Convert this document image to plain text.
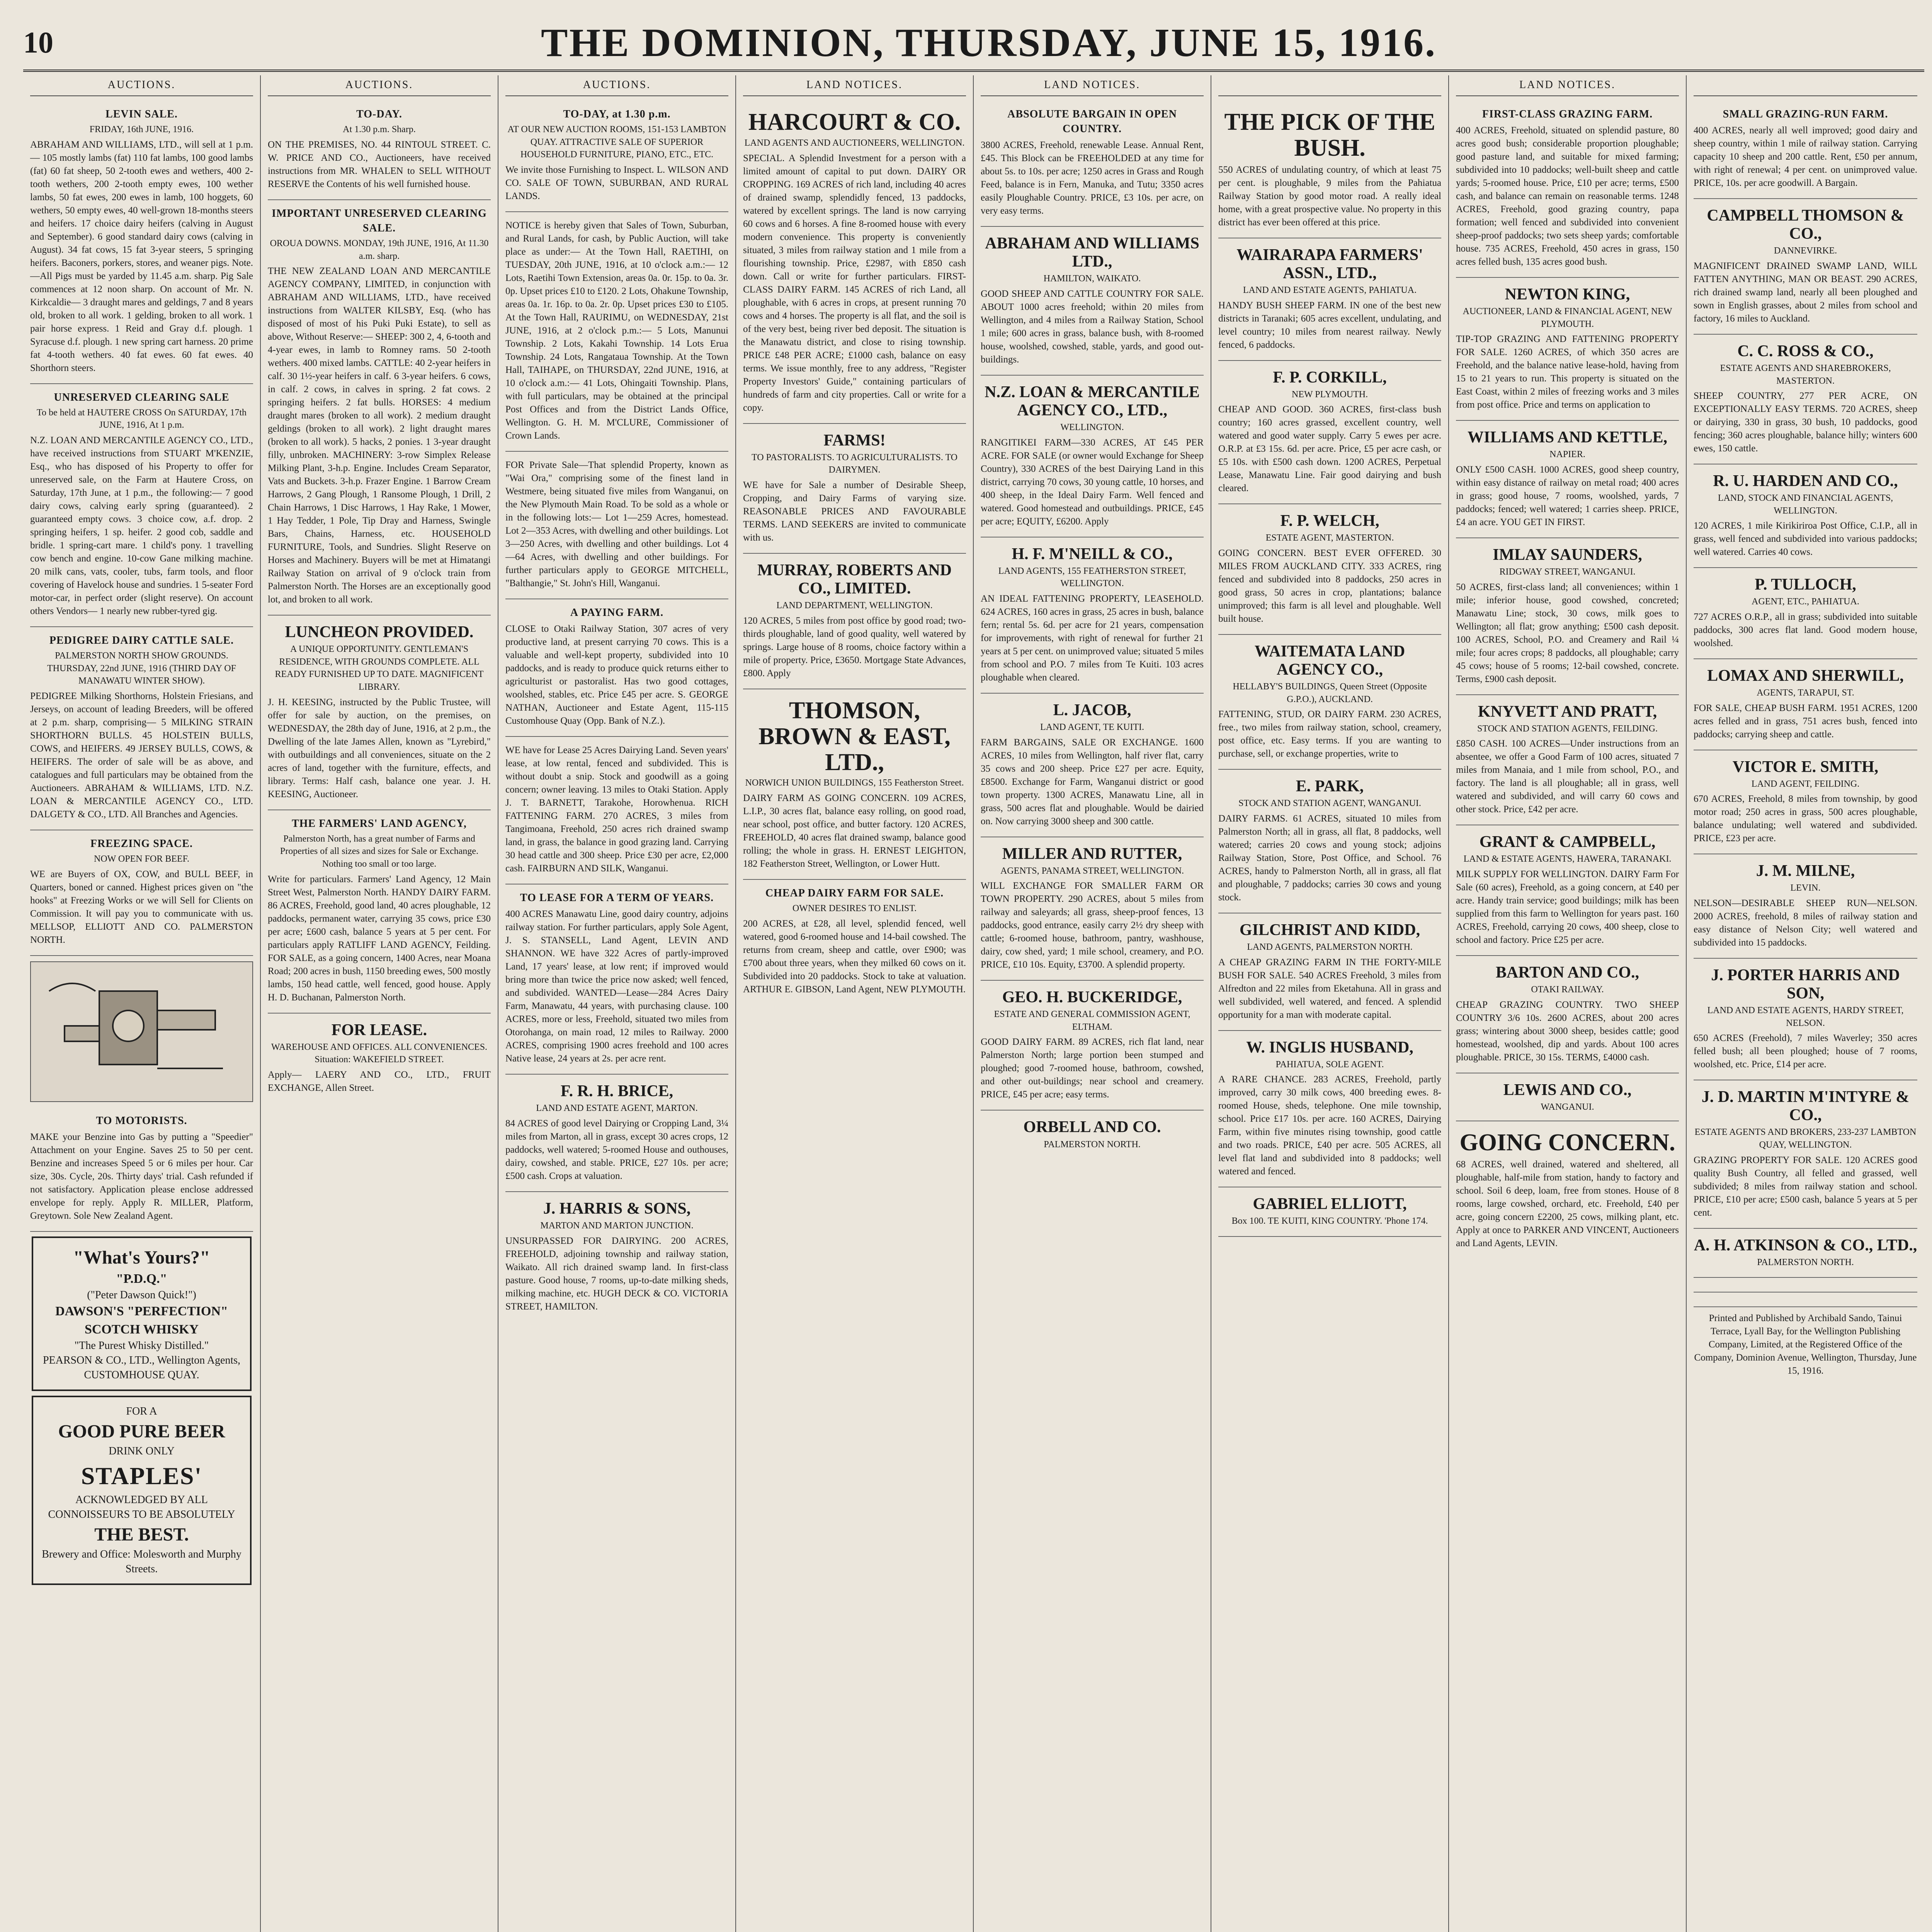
10	THE DOMINION, THURSDAY, JUNE 15, 1916.
AUCTIONS.
LEVIN SALE.
FRIDAY, 16th JUNE, 1916.
ABRAHAM AND WILLIAMS, LTD., will sell at 1 p.m.— 105 mostly lambs (fat) 110 fat lambs, 100 good lambs (fat) 60 fat sheep, 50 2-tooth ewes and wethers, 400 2-tooth wethers, 200 2-tooth empty ewes, 100 wether lambs, 50 fat ewes, 200 ewes in lamb, 100 hoggets, 60 wethers, 50 empty ewes, 40 well-grown 18-months steers and heifers. 17 choice dairy heifers (calving in August and September). 6 good standard dairy cows (calving in August). 34 fat cows, 15 fat 3-year steers, 5 springing heifers. Baconers, porkers, stores, and weaner pigs. Note.—All Pigs must be yarded by 11.45 a.m. sharp. Pig Sale commences at 12 noon sharp. On account of Mr. N. Kirkcaldie— 3 draught mares and geldings, 7 and 8 years old, broken to all work. 1 gelding, broken to all work. 1 pair horse express. 1 Reid and Gray d.f. plough. 1 Syracuse d.f. plough. 1 new spring cart harness. 20 prime fat 4-tooth wethers. 40 fat ewes. 60 fat ewes. 40 Shorthorn steers.
UNRESERVED CLEARING SALE
To be held at HAUTERE CROSS On SATURDAY, 17th JUNE, 1916, At 1 p.m.
N.Z. LOAN AND MERCANTILE AGENCY CO., LTD., have received instructions from STUART M'KENZIE, Esq., who has disposed of his Property to offer for unreserved sale, on the Farm at Hautere Cross, on Saturday, 17th June, at 1 p.m., the following:— 7 good dairy cows, calving early spring (guaranteed). 2 guaranteed empty cows. 3 choice cow, a.f. drop. 2 springing heifers, 1 sp. heifer. 2 good cob, saddle and bridle. 1 spring-cart mare. 1 child's pony. 1 travelling cow bench and engine. 10-cow Gane milking machine. 20 milk cans, vats, cooler, tubs, farm tools, and floor covering of Havelock house and sundries. 1 5-seater Ford motor-car, in perfect order (slight reserve). On account others Vendors— 1 nearly new rubber-tyred gig.
PEDIGREE DAIRY CATTLE SALE.
PALMERSTON NORTH SHOW GROUNDS. THURSDAY, 22nd JUNE, 1916 (THIRD DAY OF MANAWATU WINTER SHOW).
PEDIGREE Milking Shorthorns, Holstein Friesians, and Jerseys, on account of leading Breeders, will be offered at 2 p.m. sharp, comprising— 5 MILKING STRAIN SHORTHORN BULLS. 45 HOLSTEIN BULLS, COWS, and HEIFERS. 49 JERSEY BULLS, COWS, & HEIFERS. The order of sale will be as above, and catalogues and full particulars may be obtained from the Auctioneers. ABRAHAM & WILLIAMS, LTD. N.Z. LOAN & MERCANTILE AGENCY CO., LTD. DALGETY & CO., LTD. All Branches and Agencies.
FREEZING SPACE.
NOW OPEN FOR BEEF.
WE are Buyers of OX, COW, and BULL BEEF, in Quarters, boned or canned. Highest prices given on "the hooks" at Freezing Works or we will Sell for Clients on Commission. It will pay you to communicate with us. MELLSOP, ELLIOTT AND CO. PALMERSTON NORTH.
TO MOTORISTS.
MAKE your Benzine into Gas by putting a "Speedier" Attachment on your Engine. Saves 25 to 50 per cent. Benzine and increases Speed 5 or 6 miles per hour. Car size, 30s. Cycle, 20s. Thirty days' trial. Cash refunded if not satisfactory. Application please enclose addressed envelope for reply. Apply R. MILLER, Platform, Greytown. Sole New Zealand Agent.
"What's Yours?"
"P.D.Q."
("Peter Dawson Quick!")
DAWSON'S "PERFECTION" SCOTCH WHISKY
"The Purest Whisky Distilled."
PEARSON & CO., LTD., Wellington Agents, CUSTOMHOUSE QUAY.
FOR A
GOOD PURE BEER
DRINK ONLY
STAPLES'
ACKNOWLEDGED BY ALL CONNOISSEURS TO BE ABSOLUTELY
THE BEST.
Brewery and Office: Molesworth and Murphy Streets.
AUCTIONS.
TO-DAY.
At 1.30 p.m. Sharp.
ON THE PREMISES, NO. 44 RINTOUL STREET. C. W. PRICE AND CO., Auctioneers, have received instructions from MR. WHALEN to SELL WITHOUT RESERVE the Contents of his well furnished house.
IMPORTANT UNRESERVED CLEARING SALE.
OROUA DOWNS. MONDAY, 19th JUNE, 1916, At 11.30 a.m. sharp.
THE NEW ZEALAND LOAN AND MERCANTILE AGENCY COMPANY, LIMITED, in conjunction with ABRAHAM AND WILLIAMS, LTD., have received instructions from WALTER KILSBY, Esq. (who has disposed of most of his Puki Puki Estate), to sell as above, Without Reserve:— SHEEP: 300 2, 4, 6-tooth and 4-year ewes, in lamb to Romney rams. 50 2-tooth wethers. 400 mixed lambs. CATTLE: 40 2-year heifers in calf. 30 1½-year heifers in calf. 6 3-year heifers. 6 cows, in calf. 2 cows, in calves in spring. 2 fat cows. 2 springing heifers. 2 fat bulls. HORSES: 4 medium draught mares (broken to all work). 2 medium draught geldings (broken to all work). 2 light draught mares (broken to all work). 5 hacks, 2 ponies. 1 3-year draught filly, unbroken. MACHINERY: 3-row Simplex Release Milking Plant, 3-h.p. Engine. Includes Cream Separator, Vats and Buckets. 3-h.p. Frazer Engine. 1 Barrow Cream Harrows, 2 Gang Plough, 1 Ransome Plough, 1 Drill, 2 Chain Harrows, 1 Disc Harrows, 1 Hay Rake, 1 Mower, 1 Hay Tedder, 1 Pole, Tip Dray and Harness, Swingle Bars, Chains, Harness, etc. HOUSEHOLD FURNITURE, Tools, and Sundries. Slight Reserve on Horses and Machinery. Buyers will be met at Himatangi Railway Station on arrival of 9 o'clock train from Palmerston North. The Horses are an exceptionally good lot, and broken to all work.
LUNCHEON PROVIDED.
A UNIQUE OPPORTUNITY. GENTLEMAN'S RESIDENCE, WITH GROUNDS COMPLETE. ALL READY FURNISHED UP TO DATE. MAGNIFICENT LIBRARY.
J. H. KEESING, instructed by the Public Trustee, will offer for sale by auction, on the premises, on WEDNESDAY, the 28th day of June, 1916, at 2 p.m., the Dwelling of the late James Allen, known as "Lyrebird," with outbuildings and all conveniences, situate on the 2 acres of land, together with the furniture, effects, and library. Terms: Half cash, balance one year. J. H. KEESING, Auctioneer.
THE FARMERS' LAND AGENCY,
Palmerston North, has a great number of Farms and Properties of all sizes and sizes for Sale or Exchange. Nothing too small or too large.
Write for particulars. Farmers' Land Agency, 12 Main Street West, Palmerston North. HANDY DAIRY FARM. 86 ACRES, Freehold, good land, 40 acres ploughable, 12 paddocks, permanent water, carrying 35 cows, price £30 per acre; £600 cash, balance 5 years at 5 per cent. For particulars apply RATLIFF LAND AGENCY, Feilding. FOR SALE, as a going concern, 1400 Acres, near Moana Road; 200 acres in bush, 1150 breeding ewes, 500 mostly lambs, 150 head cattle, well fenced, good house. Apply H. D. Buchanan, Palmerston North.
FOR LEASE.
WAREHOUSE AND OFFICES. ALL CONVENIENCES. Situation: WAKEFIELD STREET.
Apply— LAERY AND CO., LTD., FRUIT EXCHANGE, Allen Street.
AUCTIONS.
TO-DAY, at 1.30 p.m.
AT OUR NEW AUCTION ROOMS, 151-153 LAMBTON QUAY. ATTRACTIVE SALE OF SUPERIOR HOUSEHOLD FURNITURE, PIANO, ETC., ETC.
We invite those Furnishing to Inspect. L. WILSON AND CO. SALE OF TOWN, SUBURBAN, AND RURAL LANDS.
NOTICE is hereby given that Sales of Town, Suburban, and Rural Lands, for cash, by Public Auction, will take place as under:— At the Town Hall, RAETIHI, on TUESDAY, 20th JUNE, 1916, at 10 o'clock a.m.:— 12 Lots, Raetihi Town Extension, areas 0a. 0r. 15p. to 0a. 3r. 0p. Upset prices £10 to £120. 2 Lots, Ohakune Township, areas 0a. 1r. 16p. to 0a. 2r. 0p. Upset prices £30 to £105. At the Town Hall, RAURIMU, on WEDNESDAY, 21st JUNE, 1916, at 2 o'clock p.m.:— 5 Lots, Manunui Township. 2 Lots, Kakahi Township. 14 Lots Erua Township. 24 Lots, Rangataua Township. At the Town Hall, TAIHAPE, on THURSDAY, 22nd JUNE, 1916, at 10 o'clock a.m.:— 41 Lots, Ohingaiti Township. Plans, with full particulars, may be obtained at the principal Post Offices and from the District Lands Office, Wellington. G. H. M. M'CLURE, Commissioner of Crown Lands.
FOR Private Sale—That splendid Property, known as "Wai Ora," comprising some of the finest land in Westmere, being situated five miles from Wanganui, on the New Plymouth Main Road. To be sold as a whole or in the following lots:— Lot 1—259 Acres, homestead. Lot 2—353 Acres, with dwelling and other buildings. Lot 3—250 Acres, with dwelling and other buildings. Lot 4—64 Acres, with dwelling and other buildings. For further particulars apply to GEORGE MITCHELL, "Balthangie," St. John's Hill, Wanganui.
A PAYING FARM.
CLOSE to Otaki Railway Station, 307 acres of very productive land, at present carrying 70 cows. This is a valuable and well-kept property, subdivided into 10 paddocks, and is ready to produce quick returns either to agriculturist or pastoralist. Has two good cottages, woolshed, stables, etc. Price £45 per acre. S. GEORGE NATHAN, Auctioneer and Estate Agent, 115-115 Customhouse Quay (Opp. Bank of N.Z.).
WE have for Lease 25 Acres Dairying Land. Seven years' lease, at low rental, fenced and subdivided. This is without doubt a snip. Stock and goodwill as a going concern; owner leaving. 13 miles to Otaki Station. Apply J. T. BARNETT, Tarakohe, Horowhenua. RICH FATTENING FARM. 270 ACRES, 3 miles from Tangimoana, Freehold, 250 acres rich drained swamp land, in grass, the balance in good grazing land. Carrying 30 head cattle and 300 sheep. Price £30 per acre, £2,000 cash. FAIRBURN AND SILK, Wanganui.
TO LEASE FOR A TERM OF YEARS.
400 ACRES Manawatu Line, good dairy country, adjoins railway station. For further particulars, apply Sole Agent, J. S. STANSELL, Land Agent, LEVIN AND SHANNON. WE have 322 Acres of partly-improved Land, 17 years' lease, at low rent; if improved would bring more than twice the price now asked; well fenced, and subdivided. WANTED—Lease—284 Acres Dairy Farm, Manawatu, 44 years, with purchasing clause. 100 ACRES, more or less, Freehold, situated two miles from Otorohanga, on main road, 12 miles to Railway. 2000 ACRES, comprising 1900 acres freehold and 100 acres Native lease, 24 years at 2s. per acre rent.
F. R. H. BRICE,
LAND AND ESTATE AGENT, MARTON.
84 ACRES of good level Dairying or Cropping Land, 3¼ miles from Marton, all in grass, except 30 acres crops, 12 paddocks, well watered; 5-roomed House and outhouses, dairy, cowshed, and stable. PRICE, £27 10s. per acre; £500 cash. Crops at valuation.
J. HARRIS & SONS,
MARTON AND MARTON JUNCTION.
UNSURPASSED FOR DAIRYING. 200 ACRES, FREEHOLD, adjoining township and railway station, Waikato. All rich drained swamp land. In first-class pasture. Good house, 7 rooms, up-to-date milking sheds, milking machine, etc. HUGH DECK & CO. VICTORIA STREET, HAMILTON.
LAND NOTICES.
HARCOURT & CO.
LAND AGENTS AND AUCTIONEERS, WELLINGTON.
SPECIAL. A Splendid Investment for a person with a limited amount of capital to put down. DAIRY OR CROPPING. 169 ACRES of rich land, including 40 acres of drained swamp, splendidly fenced, 13 paddocks, watered by excellent springs. The land is now carrying 60 cows and 6 horses. A fine 8-roomed house with every modern convenience. This property is conveniently situated, 3 miles from railway station and 1 mile from a flourishing township. Price, £2987, with £850 cash down. Call or write for further particulars. FIRST-CLASS DAIRY FARM. 145 ACRES of rich Land, all ploughable, with 6 acres in crops, at present running 70 cows and 4 horses. The property is all flat, and the soil is of the very best, being river bed deposit. The situation is the Manawatu district, and close to rising township. PRICE £48 PER ACRE; £1000 cash, balance on easy terms. We issue monthly, free to any address, "Register Property Investors' Guide," containing particulars of hundreds of farm and city properties. Call or write for a copy.
FARMS!
TO PASTORALISTS. TO AGRICULTURALISTS. TO DAIRYMEN.
WE have for Sale a number of Desirable Sheep, Cropping, and Dairy Farms of varying size. REASONABLE PRICES AND FAVOURABLE TERMS. LAND SEEKERS are invited to communicate with us.
MURRAY, ROBERTS AND CO., LIMITED.
LAND DEPARTMENT, WELLINGTON.
120 ACRES, 5 miles from post office by good road; two-thirds ploughable, land of good quality, well watered by springs. Large house of 8 rooms, choice factory within a mile of property. Price, £3650. Mortgage State Advances, £800. Apply
THOMSON, BROWN & EAST, LTD.,
NORWICH UNION BUILDINGS, 155 Featherston Street.
DAIRY FARM AS GOING CONCERN. 109 ACRES, L.I.P., 30 acres flat, balance easy rolling, on good road, near school, post office, and butter factory. 120 ACRES, FREEHOLD, 40 acres flat drained swamp, balance good rolling; the whole in grass. H. ERNEST LEIGHTON, 182 Featherston Street, Wellington, or Lower Hutt.
CHEAP DAIRY FARM FOR SALE.
OWNER DESIRES TO ENLIST.
200 ACRES, at £28, all level, splendid fenced, well watered, good 6-roomed house and 14-bail cowshed. The returns from cream, sheep and cattle, over £900; was £700 about three years, when they milked 60 cows on it. Subdivided into 20 paddocks. Stock to take at valuation. ARTHUR E. GIBSON, Land Agent, NEW PLYMOUTH.
LAND NOTICES.
ABSOLUTE BARGAIN IN OPEN COUNTRY.
3800 ACRES, Freehold, renewable Lease. Annual Rent, £45. This Block can be FREEHOLDED at any time for about 5s. to 10s. per acre; 1250 acres in Grass and Rough Feed, balance is in Fern, Manuka, and Tutu; 3350 acres easily Ploughable Country. PRICE, £3 10s. per acre, on very easy terms.
ABRAHAM AND WILLIAMS LTD.,
HAMILTON, WAIKATO.
GOOD SHEEP AND CATTLE COUNTRY FOR SALE. ABOUT 1000 acres freehold; within 20 miles from Wellington, and 4 miles from a Railway Station, School 1 mile; 600 acres in grass, balance bush, with 8-roomed house, woolshed, cowshed, stable, yards, and good out-buildings.
N.Z. LOAN & MERCANTILE AGENCY CO., LTD.,
WELLINGTON.
RANGITIKEI FARM—330 ACRES, AT £45 PER ACRE. FOR SALE (or owner would Exchange for Sheep Country), 330 ACRES of the best Dairying Land in this district, carrying 70 cows, 30 young cattle, 10 horses, and 400 sheep, in the Ideal Dairy Farm. Well fenced and watered. Good homestead and outbuildings. PRICE, £45 per acre; EQUITY, £6200. Apply
H. F. M'NEILL & CO.,
LAND AGENTS, 155 FEATHERSTON STREET, WELLINGTON.
AN IDEAL FATTENING PROPERTY, LEASEHOLD. 624 ACRES, 160 acres in grass, 25 acres in bush, balance fern; rental 5s. 6d. per acre for 21 years, compensation for improvements, with right of renewal for further 21 years at 5 per cent. on unimproved value; situated 5 miles from school and P.O. 7 miles from Te Kuiti. 103 acres ploughable when cleared.
L. JACOB,
LAND AGENT, TE KUITI.
FARM BARGAINS, SALE OR EXCHANGE. 1600 ACRES, 10 miles from Wellington, half river flat, carry 35 cows and 200 sheep. Price £27 per acre. Equity, £8500. Exchange for Farm, Wanganui district or good town property. 1300 ACRES, Manawatu Line, all in grass, 500 acres flat and ploughable. Would be dairied on. Now carrying 3000 sheep and 300 cattle.
MILLER AND RUTTER,
AGENTS, PANAMA STREET, WELLINGTON.
WILL EXCHANGE FOR SMALLER FARM OR TOWN PROPERTY. 290 ACRES, about 5 miles from railway and saleyards; all grass, sheep-proof fences, 13 paddocks, good entrance, easily carry 2½ dry sheep with cattle; 6-roomed house, bathroom, pantry, washhouse, dairy, cow shed, yard; 1 mile school, creamery, and P.O. PRICE, £10 10s. Equity, £3700. A splendid property.
GEO. H. BUCKERIDGE,
ESTATE AND GENERAL COMMISSION AGENT, ELTHAM.
GOOD DAIRY FARM. 89 ACRES, rich flat land, near Palmerston North; large portion been stumped and ploughed; good 7-roomed house, bathroom, cowshed, and other out-buildings; near school and creamery. PRICE, £45 per acre; easy terms.
ORBELL AND CO.
PALMERSTON NORTH.

THE PICK OF THE BUSH.
550 ACRES of undulating country, of which at least 75 per cent. is ploughable, 9 miles from the Pahiatua Railway Station by good motor road. A really ideal home, with a great prospective value. No property in this district has ever been offered at this price.
WAIRARAPA FARMERS' ASSN., LTD.,
LAND AND ESTATE AGENTS, PAHIATUA.
HANDY BUSH SHEEP FARM. IN one of the best new districts in Taranaki; 605 acres excellent, undulating, and level country; 10 miles from nearest railway. Newly fenced, 6 paddocks.
F. P. CORKILL,
NEW PLYMOUTH.
CHEAP AND GOOD. 360 ACRES, first-class bush country; 160 acres grassed, excellent country, well watered and good water supply. Carry 5 ewes per acre. O.R.P. at £3 15s. 6d. per acre. Price, £5 per acre cash, or £5 10s. with £500 cash down. 1200 ACRES, Perpetual Lease, Manawatu Line. Fair good dairying and bush cleared.
F. P. WELCH,
ESTATE AGENT, MASTERTON.
GOING CONCERN. BEST EVER OFFERED. 30 MILES FROM AUCKLAND CITY. 333 ACRES, ring fenced and subdivided into 8 paddocks, 250 acres in good grass, 50 acres in crop, plantations; balance unimproved; this farm is all level and ploughable. Well built house.
WAITEMATA LAND AGENCY CO.,
HELLABY'S BUILDINGS, Queen Street (Opposite G.P.O.), AUCKLAND.
FATTENING, STUD, OR DAIRY FARM. 230 ACRES, free., two miles from railway station, school, creamery, post office, etc. Easy terms. If you are wanting to purchase, sell, or exchange properties, write to
E. PARK,
STOCK AND STATION AGENT, WANGANUI.
DAIRY FARMS. 61 ACRES, situated 10 miles from Palmerston North; all in grass, all flat, 8 paddocks, well watered; carries 20 cows and young stock; adjoins Railway Station, Store, Post Office, and School. 76 ACRES, handy to Palmerston North, all in grass, all flat and ploughable, 7 paddocks; carries 30 cows and young stock.
GILCHRIST AND KIDD,
LAND AGENTS, PALMERSTON NORTH.
A CHEAP GRAZING FARM IN THE FORTY-MILE BUSH FOR SALE. 540 ACRES Freehold, 3 miles from Alfredton and 22 miles from Eketahuna. All in grass and well subdivided, well watered, and fenced. A splendid opportunity for a man with moderate capital.
W. INGLIS HUSBAND,
PAHIATUA, SOLE AGENT.
A RARE CHANCE. 283 ACRES, Freehold, partly improved, carry 30 milk cows, 400 breeding ewes. 8-roomed House, sheds, telephone. One mile township, school. Price £17 10s. per acre. 160 ACRES, Dairying Farm, within five minutes rising township, good cattle and two roads. PRICE, £40 per acre. 505 ACRES, all level flat land and subdivided into 8 paddocks; well watered and fenced.
GABRIEL ELLIOTT,
Box 100. TE KUITI, KING COUNTRY. 'Phone 174.
LAND NOTICES.
FIRST-CLASS GRAZING FARM.
400 ACRES, Freehold, situated on splendid pasture, 80 acres good bush; considerable proportion ploughable; good pasture land, and suitable for mixed farming; subdivided into 10 paddocks; well-built sheep and cattle yards; 5-roomed house. Price, £10 per acre; terms, £500 cash, and balance can remain on reasonable terms. 1248 ACRES, Freehold, good grazing country, papa formation; well fenced and subdivided into convenient sheep-proof paddocks; two sets sheep yards; comfortable house. 735 ACRES, Freehold, 450 acres in grass, 150 acres felled bush, 135 acres good bush.
NEWTON KING,
AUCTIONEER, LAND & FINANCIAL AGENT, NEW PLYMOUTH.
TIP-TOP GRAZING AND FATTENING PROPERTY FOR SALE. 1260 ACRES, of which 350 acres are Freehold, and the balance native lease-hold, having from 15 to 21 years to run. This property is situated on the East Coast, within 2 miles of freezing works and 3 miles from post office. Price and terms on application to
WILLIAMS AND KETTLE,
NAPIER.
ONLY £500 CASH. 1000 ACRES, good sheep country, within easy distance of railway on metal road; 400 acres in grass; good house, 7 rooms, woolshed, yards, 7 paddocks; fenced; well watered; 1 carries sheep. PRICE, £4 an acre. YOU GET IN FIRST.
IMLAY SAUNDERS,
RIDGWAY STREET, WANGANUI.
50 ACRES, first-class land; all conveniences; within 1 mile; inferior house, good cowshed, concreted; Manawatu Line; stock, 30 cows, milk goes to Wellington; all flat; grow anything; £500 cash deposit. 100 ACRES, School, P.O. and Creamery and Rail ¼ mile; four acres crops; 8 paddocks, all ploughable; carry 45 cows; house of 5 rooms; 12-bail cowshed, concrete. Terms, £900 cash deposit.
KNYVETT AND PRATT,
STOCK AND STATION AGENTS, FEILDING.
£850 CASH. 100 ACRES—Under instructions from an absentee, we offer a Good Farm of 100 acres, situated 7 miles from Manaia, and 1 mile from school, P.O., and factory. The land is all ploughable; all in grass, well watered and subdivided, and will carry 60 cows and other stock. Price, £42 per acre.
GRANT & CAMPBELL,
LAND & ESTATE AGENTS, HAWERA, TARANAKI.
MILK SUPPLY FOR WELLINGTON. DAIRY Farm For Sale (60 acres), Freehold, as a going concern, at £40 per acre. Handy train service; good buildings; milk has been supplied from this farm to Wellington for years past. 160 ACRES, Freehold, carrying 20 cows, 400 sheep, close to school and factory. Price £25 per acre.
BARTON AND CO.,
OTAKI RAILWAY.
CHEAP GRAZING COUNTRY. TWO SHEEP COUNTRY 3/6 10s. 2600 ACRES, about 200 acres grass; wintering about 3000 sheep, besides cattle; good homestead, woolshed, dip and yards. About 100 acres ploughable. PRICE, 30 15s. TERMS, £4000 cash.
LEWIS AND CO.,
WANGANUI.
GOING CONCERN.
68 ACRES, well drained, watered and sheltered, all ploughable, half-mile from station, handy to factory and school. Soil 6 deep, loam, free from stones. House of 8 rooms, large cowshed, orchard, etc. Freehold, £40 per acre, going concern £2200, 25 cows, milking plant, etc. Apply at once to PARKER AND VINCENT, Auctioneers and Land Agents, LEVIN.

SMALL GRAZING-RUN FARM.
400 ACRES, nearly all well improved; good dairy and sheep country, within 1 mile of railway station. Carrying capacity 10 sheep and 200 cattle. Rent, £50 per annum, with right of renewal; 4 per cent. on unimproved value. PRICE, 10s. per acre goodwill. A Bargain.
CAMPBELL THOMSON & CO.,
DANNEVIRKE.
MAGNIFICENT DRAINED SWAMP LAND, WILL FATTEN ANYTHING, MAN OR BEAST. 290 ACRES, rich drained swamp land, nearly all been ploughed and sown in English grasses, about 2 miles from school and factory, 16 miles to Auckland.
C. C. ROSS & CO.,
ESTATE AGENTS AND SHAREBROKERS, MASTERTON.
SHEEP COUNTRY, 277 PER ACRE, ON EXCEPTIONALLY EASY TERMS. 720 ACRES, sheep or dairying, 330 in grass, 30 bush, 10 paddocks, good fencing; 360 acres ploughable, balance hilly; winters 600 ewes, 150 cattle.
R. U. HARDEN AND CO.,
LAND, STOCK AND FINANCIAL AGENTS, WELLINGTON.
120 ACRES, 1 mile Kirikiriroa Post Office, C.I.P., all in grass, well fenced and subdivided into various paddocks; well watered. Carries 40 cows.
P. TULLOCH,
AGENT, ETC., PAHIATUA.
727 ACRES O.R.P., all in grass; subdivided into suitable paddocks, 300 acres flat land. Good modern house, woolshed.
LOMAX AND SHERWILL,
AGENTS, TARAPUI, ST.
FOR SALE, CHEAP BUSH FARM. 1951 ACRES, 1200 acres felled and in grass, 751 acres bush, fenced into paddocks; carrying sheep and cattle.
VICTOR E. SMITH,
LAND AGENT, FEILDING.
670 ACRES, Freehold, 8 miles from township, by good motor road; 250 acres in grass, 500 acres ploughable, balance undulating; well watered and subdivided. PRICE, £23 per acre.
J. M. MILNE,
LEVIN.
NELSON—DESIRABLE SHEEP RUN—NELSON. 2000 ACRES, freehold, 8 miles of railway station and easy distance of Nelson City; well watered and subdivided into 15 paddocks.
J. PORTER HARRIS AND SON,
LAND AND ESTATE AGENTS, HARDY STREET, NELSON.
650 ACRES (Freehold), 7 miles Waverley; 350 acres felled bush; all been ploughed; house of 7 rooms, woolshed, etc. Price, £14 per acre.
J. D. MARTIN M'INTYRE & CO.,
ESTATE AGENTS AND BROKERS, 233-237 LAMBTON QUAY, WELLINGTON.
GRAZING PROPERTY FOR SALE. 120 ACRES good quality Bush Country, all felled and grassed, well subdivided; 8 miles from railway station and school. PRICE, £10 per acre; £500 cash, balance 5 years at 5 per cent.
A. H. ATKINSON & CO., LTD.,
PALMERSTON NORTH.
Printed and Published by Archibald Sando, Tainui Terrace, Lyall Bay, for the Wellington Publishing Company, Limited, at the Registered Office of the Company, Dominion Avenue, Wellington, Thursday, June 15, 1916.
